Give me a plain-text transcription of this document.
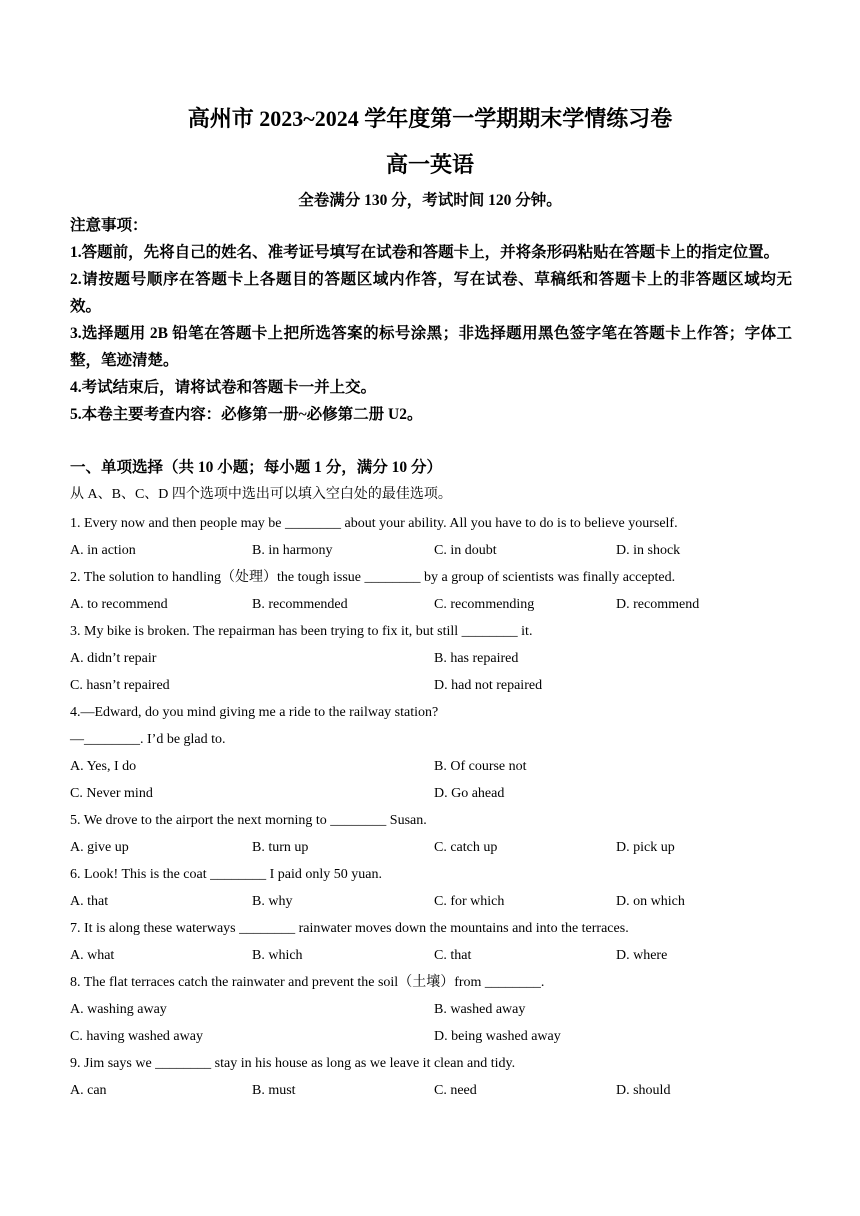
高州市 2023~2024 学年度第一学期期末学情练习卷
高一英语
全卷满分 130 分，考试时间 120 分钟。
注意事项：
1.答题前，先将自己的姓名、准考证号填写在试卷和答题卡上，并将条形码粘贴在答题卡上的指定位置。
2.请按题号顺序在答题卡上各题目的答题区域内作答，写在试卷、草稿纸和答题卡上的非答题区域均无效。
3.选择题用 2B 铅笔在答题卡上把所选答案的标号涂黑；非选择题用黑色签字笔在答题卡上作答；字体工整，笔迹清楚。
4.考试结束后，请将试卷和答题卡一并上交。
5.本卷主要考查内容：必修第一册~必修第二册 U2。
一、单项选择（共 10 小题；每小题 1 分，满分 10 分）
从 A、B、C、D 四个选项中选出可以填入空白处的最佳选项。
1. Every now and then people may be ________ about your ability. All you have to do is to believe yourself.
A. in action	B. in harmony	C. in doubt	D. in shock
2. The solution to handling（处理）the tough issue ________ by a group of scientists was finally accepted.
A. to recommend	B. recommended	C. recommending	D. recommend
3. My bike is broken. The repairman has been trying to fix it, but still ________ it.
A. didn’t repair	B. has repaired
C. hasn’t repaired	D. had not repaired
4.—Edward, do you mind giving me a ride to the railway station?
—________. I’d be glad to.
A. Yes, I do	B. Of course not
C. Never mind	D. Go ahead
5. We drove to the airport the next morning to ________ Susan.
A. give up	B. turn up	C. catch up	D. pick up
6. Look! This is the coat ________ I paid only 50 yuan.
A. that	B. why	C. for which	D. on which
7. It is along these waterways ________ rainwater moves down the mountains and into the terraces.
A. what	B. which	C. that	D. where
8. The flat terraces catch the rainwater and prevent the soil（土壤）from ________.
A. washing away	B. washed away
C. having washed away	D. being washed away
9. Jim says we ________ stay in his house as long as we leave it clean and tidy.
A. can	B. must	C. need	D. should
